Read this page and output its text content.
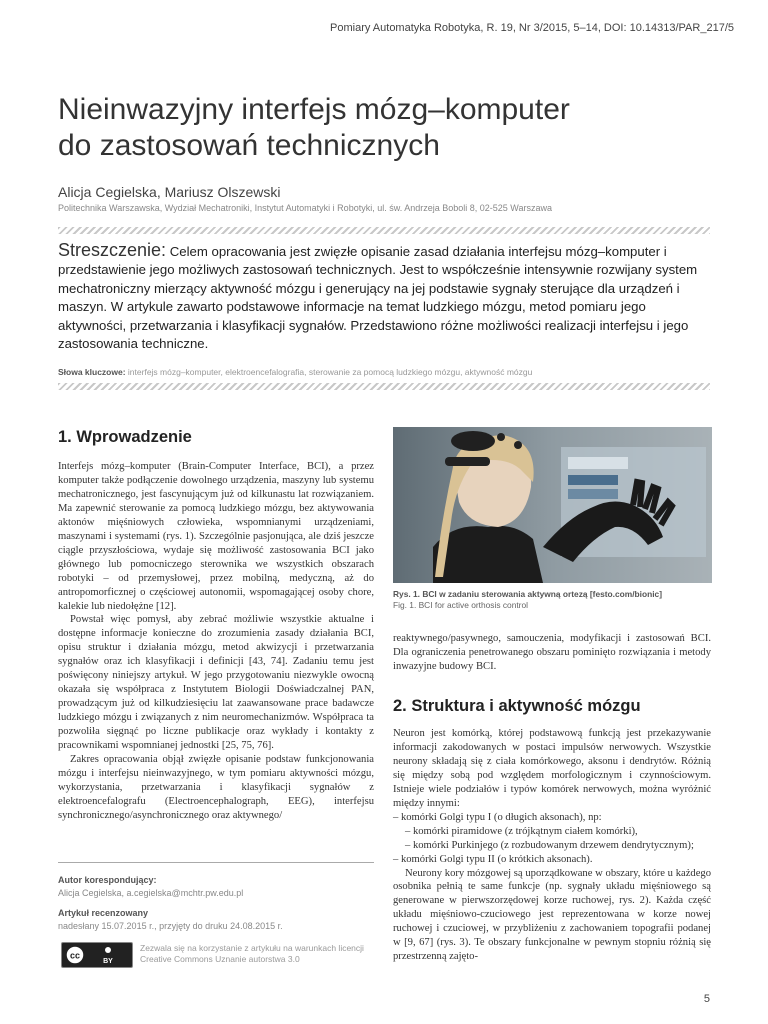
Pomiary Automatyka Robotyka, R. 19, Nr 3/2015, 5–14, DOI: 10.14313/PAR_217/5
Nieinwazyjny interfejs mózg–komputer
do zastosowań technicznych
Alicja Cegielska, Mariusz Olszewski
Politechnika Warszawska, Wydział Mechatroniki, Instytut Automatyki i Robotyki, ul. św. Andrzeja Boboli 8, 02-525 Warszawa
Streszczenie: Celem opracowania jest zwięzłe opisanie zasad działania interfejsu mózg–komputer i przedstawienie jego możliwych zastosowań technicznych. Jest to współcześnie intensywnie rozwijany system mechatroniczny mierzący aktywność mózgu i generujący na jej podstawie sygnały sterujące dla urządzeń i maszyn. W artykule zawarto podstawowe informacje na temat ludzkiego mózgu, metod pomiaru jego aktywności, przetwarzania i klasyfikacji sygnałów. Przedstawiono różne możliwości realizacji interfejsu i jego zastosowania techniczne.
Słowa kluczowe: interfejs mózg–komputer, elektroencefalografia, sterowanie za pomocą ludzkiego mózgu, aktywność mózgu
1. Wprowadzenie

Interfejs mózg–komputer (Brain-Computer Interface, BCI), a przez komputer także podłączenie dowolnego urządzenia, maszyny lub systemu mechatronicznego, jest fascynującym już od kilkunastu lat rozwiązaniem. Ma zapewnić sterowanie za pomocą ludzkiego mózgu, bez aktywowania aktonów mięśniowych człowieka, wspomnianymi urządzeniami, maszynami i systemami (rys. 1). Szczególnie pasjonująca, ale dziś jeszcze ciągle przyszłościowa, wydaje się możliwość zastosowania BCI jako głównego lub pomocniczego sterownika we wszystkich obszarach robotyki – od przemysłowej, przez mobilną, medyczną, aż do antropomorficznej o częściowej autonomii, wspomagającej osoby chore, kalekie lub niedołężne [12].

Powstał więc pomysł, aby zebrać możliwie wszystkie aktualne i dostępne informacje konieczne do zrozumienia zasady działania BCI, opisu struktur i działania mózgu, metod akwizycji i przetwarzania sygnałów oraz ich klasyfikacji i definicji [43, 74]. Zadaniu temu jest poświęcony niniejszy artykuł. W jego przygotowaniu niezwykle owocną okazała się współpraca z Instytutem Biologii Doświadczalnej PAN, prowadzącym już od kilkudziesięciu lat zaawansowane prace badawcze ludzkiego mózgu i związanych z nim neuromechanizmów. Współpraca ta pozwoliła sięgnąć po liczne publikacje oraz wykłady i kontakty z pracownikami wspomnianej jednostki [25, 75, 76].

Zakres opracowania objął zwięzłe opisanie podstaw funkcjonowania mózgu i interfejsu nieinwazyjnego, w tym pomiaru aktywności mózgu, wykorzystania, przetwarzania i klasyfikacji sygnałów z elektroencefalografu (Electroencephalograph, EEG), interfejsu synchronicznego/asynchronicznego oraz aktywnego/

Rys. 1. BCI w zadaniu sterowania aktywną ortezą [festo.com/bionic]
Fig. 1. BCI for active orthosis control

reaktywnego/pasywnego, samouczenia, modyfikacji i zastosowań BCI. Dla ograniczenia penetrowanego obszaru pominięto rozwiązania i metody inwazyjne budowy BCI.

2. Struktura i aktywność mózgu

Neuron jest komórką, której podstawową funkcją jest przekazywanie informacji zakodowanych w postaci impulsów nerwowych. Wszystkie neurony składają się z ciała komórkowego, aksonu i dendrytów. Różnią się między sobą pod względem morfologicznym i czynnościowym. Istnieje wiele podziałów i typów komórek nerwowych, można wyróżnić między innymi:

– komórki Golgi typu I (o długich aksonach), np:
– komórki piramidowe (z trójkątnym ciałem komórki),
– komórki Purkinjego (z rozbudowanym drzewem dendrytycznym);
– komórki Golgi typu II (o krótkich aksonach).

Neurony kory mózgowej są uporządkowane w obszary, które u każdego osobnika pełnią te same funkcje (np. sygnały układu mięśniowego są generowane w pierwszorzędowej korze ruchowej, rys. 2). Każda część układu mięśniowo-czuciowego jest reprezentowana w korze nowej ruchowej i czuciowej, w przybliżeniu z zachowaniem topografii podanej w [9, 67] (rys. 3). Te obszary funkcjonalne w pewnym stopniu różnią się przestrzenną zajęto-

Autor korespondujący:
Alicja Cegielska, a.cegielska@mchtr.pw.edu.pl
Artykuł recenzowany
nadesłany 15.07.2015 r., przyjęty do druku 24.08.2015 r.
cc
BY
Zezwala się na korzystanie z artykułu na warunkach licencji Creative Commons Uznanie autorstwa 3.0
5
